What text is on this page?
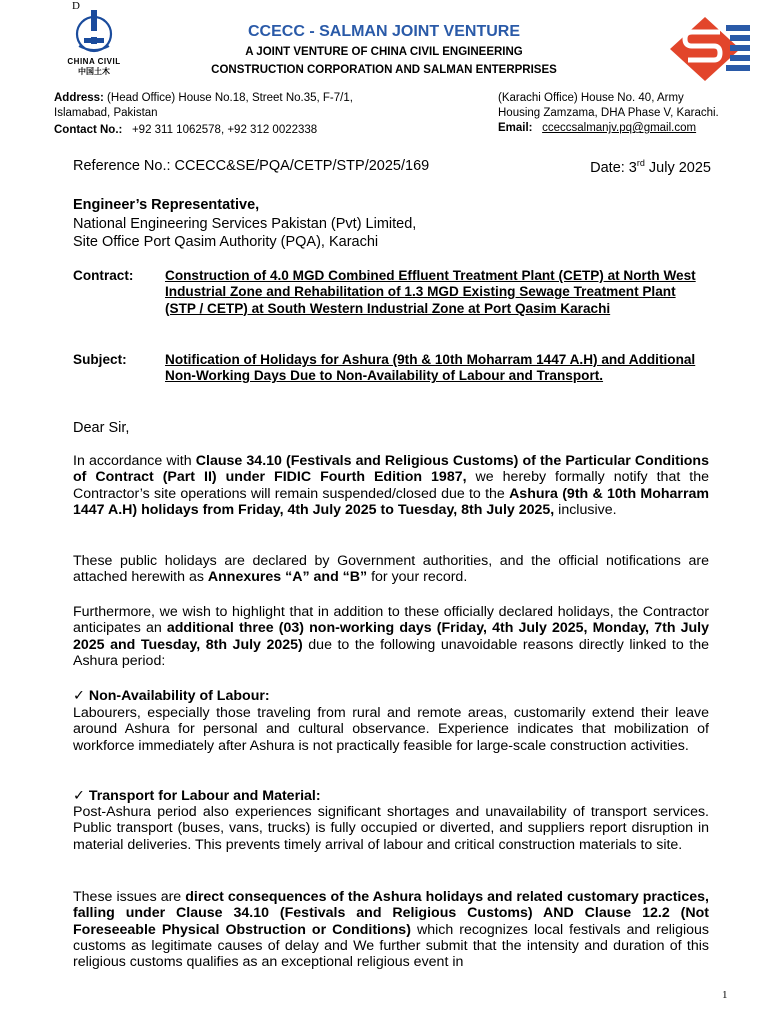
D
CHINA CIVIL
中国土木
CCECC - SALMAN JOINT VENTURE
A JOINT VENTURE OF CHINA CIVIL ENGINEERING
CONSTRUCTION CORPORATION AND SALMAN ENTERPRISES
Address: (Head Office) House No.18, Street No.35, F-7/1,
Islamabad, Pakistan
Contact No.: +92 311 1062578, +92 312 0022338
(Karachi Office) House No. 40, Army
Housing Zamzama, DHA Phase V, Karachi.
Email: cceccsalmanjv.pq@gmail.com
Reference No.: CCECC&SE/PQA/CETP/STP/2025/169	Date: 3rd July 2025
Engineer’s Representative,
National Engineering Services Pakistan (Pvt) Limited,
Site Office Port Qasim Authority (PQA), Karachi
Contract:	Construction of 4.0 MGD Combined Effluent Treatment Plant (CETP) at North West Industrial Zone and Rehabilitation of 1.3 MGD Existing Sewage Treatment Plant (STP / CETP) at South Western Industrial Zone at Port Qasim Karachi
Subject:	Notification of Holidays for Ashura (9th & 10th Moharram 1447 A.H) and Additional Non-Working Days Due to Non-Availability of Labour and Transport.
Dear Sir,
In accordance with Clause 34.10 (Festivals and Religious Customs) of the Particular Conditions of Contract (Part II) under FIDIC Fourth Edition 1987, we hereby formally notify that the Contractor’s site operations will remain suspended/closed due to the Ashura (9th & 10th Moharram 1447 A.H) holidays from Friday, 4th July 2025 to Tuesday, 8th July 2025, inclusive.
These public holidays are declared by Government authorities, and the official notifications are attached herewith as Annexures “A” and “B” for your record.
Furthermore, we wish to highlight that in addition to these officially declared holidays, the Contractor anticipates an additional three (03) non-working days (Friday, 4th July 2025, Monday, 7th July 2025 and Tuesday, 8th July 2025) due to the following unavoidable reasons directly linked to the Ashura period:
✓ Non-Availability of Labour:
Labourers, especially those traveling from rural and remote areas, customarily extend their leave around Ashura for personal and cultural observance. Experience indicates that mobilization of workforce immediately after Ashura is not practically feasible for large-scale construction activities.
✓ Transport for Labour and Material:
Post-Ashura period also experiences significant shortages and unavailability of transport services. Public transport (buses, vans, trucks) is fully occupied or diverted, and suppliers report disruption in material deliveries. This prevents timely arrival of labour and critical construction materials to site.
These issues are direct consequences of the Ashura holidays and related customary practices, falling under Clause 34.10 (Festivals and Religious Customs) AND Clause 12.2 (Not Foreseeable Physical Obstruction or Conditions) which recognizes local festivals and religious customs as legitimate causes of delay and We further submit that the intensity and duration of this religious customs qualifies as an exceptional religious event in
1
